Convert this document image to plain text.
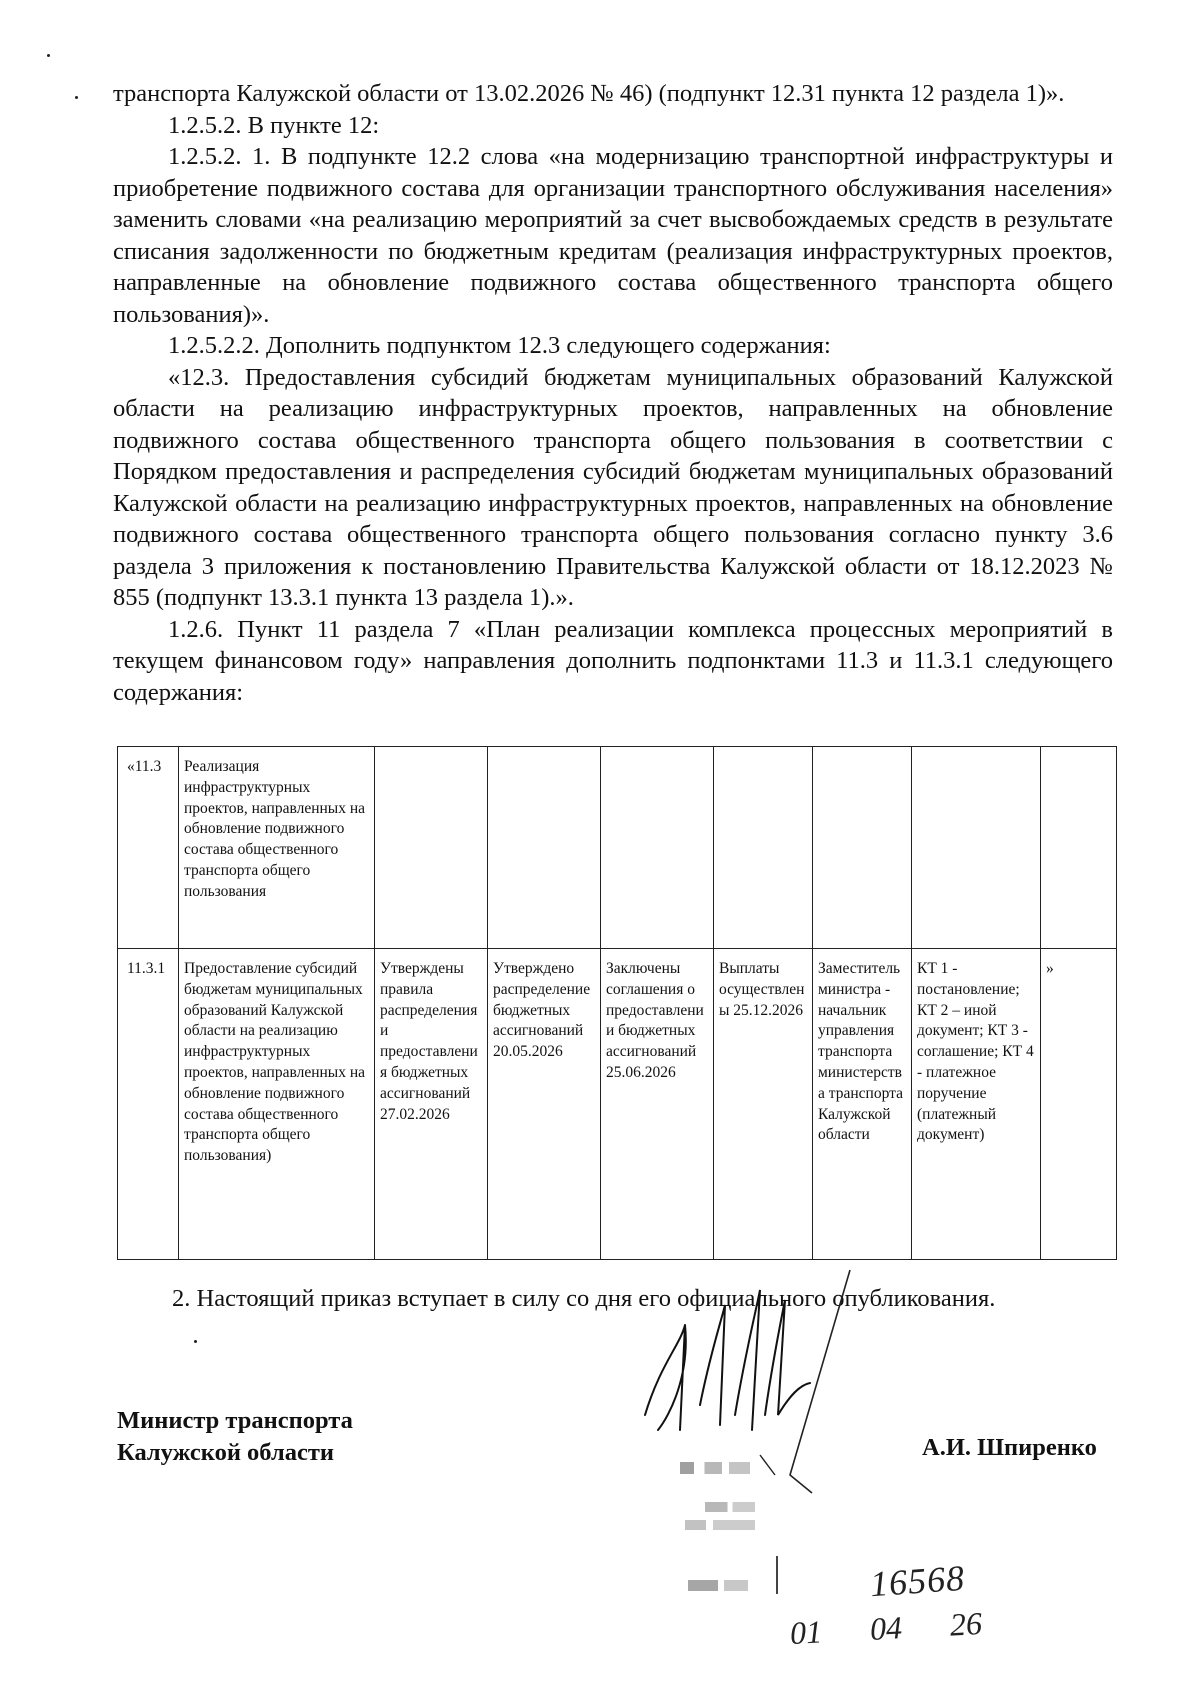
транспорта Калужской области от 13.02.2026 № 46) (подпункт 12.31 пункта 12 раздела 1)».

1.2.5.2. В пункте 12:

1.2.5.2. 1. В подпункте 12.2 слова «на модернизацию транспортной инфраструктуры и приобретение подвижного состава для организации транспортного обслуживания населения» заменить словами «на реализацию мероприятий за счет высвобождаемых средств в результате списания задолженности по бюджетным кредитам (реализация инфраструктурных проектов, направленные на обновление подвижного состава общественного транспорта общего пользования)».

1.2.5.2.2. Дополнить подпунктом 12.3 следующего содержания:

«12.3. Предоставления субсидий бюджетам муниципальных образований Калужской области на реализацию инфраструктурных проектов, направленных на обновление подвижного состава общественного транспорта общего пользования в соответствии с Порядком предоставления и распределения субсидий бюджетам муниципальных образований Калужской области на реализацию инфраструктурных проектов, направленных на обновление подвижного состава общественного транспорта общего пользования согласно пункту 3.6 раздела 3 приложения к постановлению Правительства Калужской области от 18.12.2023 № 855 (подпункт 13.3.1 пункта 13 раздела 1).».

1.2.6. Пункт 11 раздела 7 «План реализации комплекса процессных мероприятий в текущем финансовом году» направления дополнить подпонктами 11.3 и 11.3.1 следующего содержания:

«11.3	Реализация инфраструктурных проектов, направленных на обновление подвижного состава общественного транспорта общего пользования							
11.3.1	Предоставление субсидий бюджетам муниципальных образований Калужской области на реализацию инфраструктурных проектов, направленных на обновление подвижного состава общественного транспорта общего пользования)	Утверждены правила распределения и предоставления бюджетных ассигнований 27.02.2026	Утверждено распределение бюджетных ассигнований 20.05.2026	Заключены соглашения о предоставлении бюджетных ассигнований 25.06.2026	Выплаты осуществлены 25.12.2026	Заместитель министра - начальник управления транспорта министерства транспорта Калужской области	КТ 1 - постановление; КТ 2 – иной документ; КТ 3 - соглашение; КТ 4 - платежное поручение (платежный документ)	»
2. Настоящий приказ вступает в силу со дня его официального опубликования.
Министр транспорта
Калужской области	А.И. Шпиренко
16568
01 04 26
